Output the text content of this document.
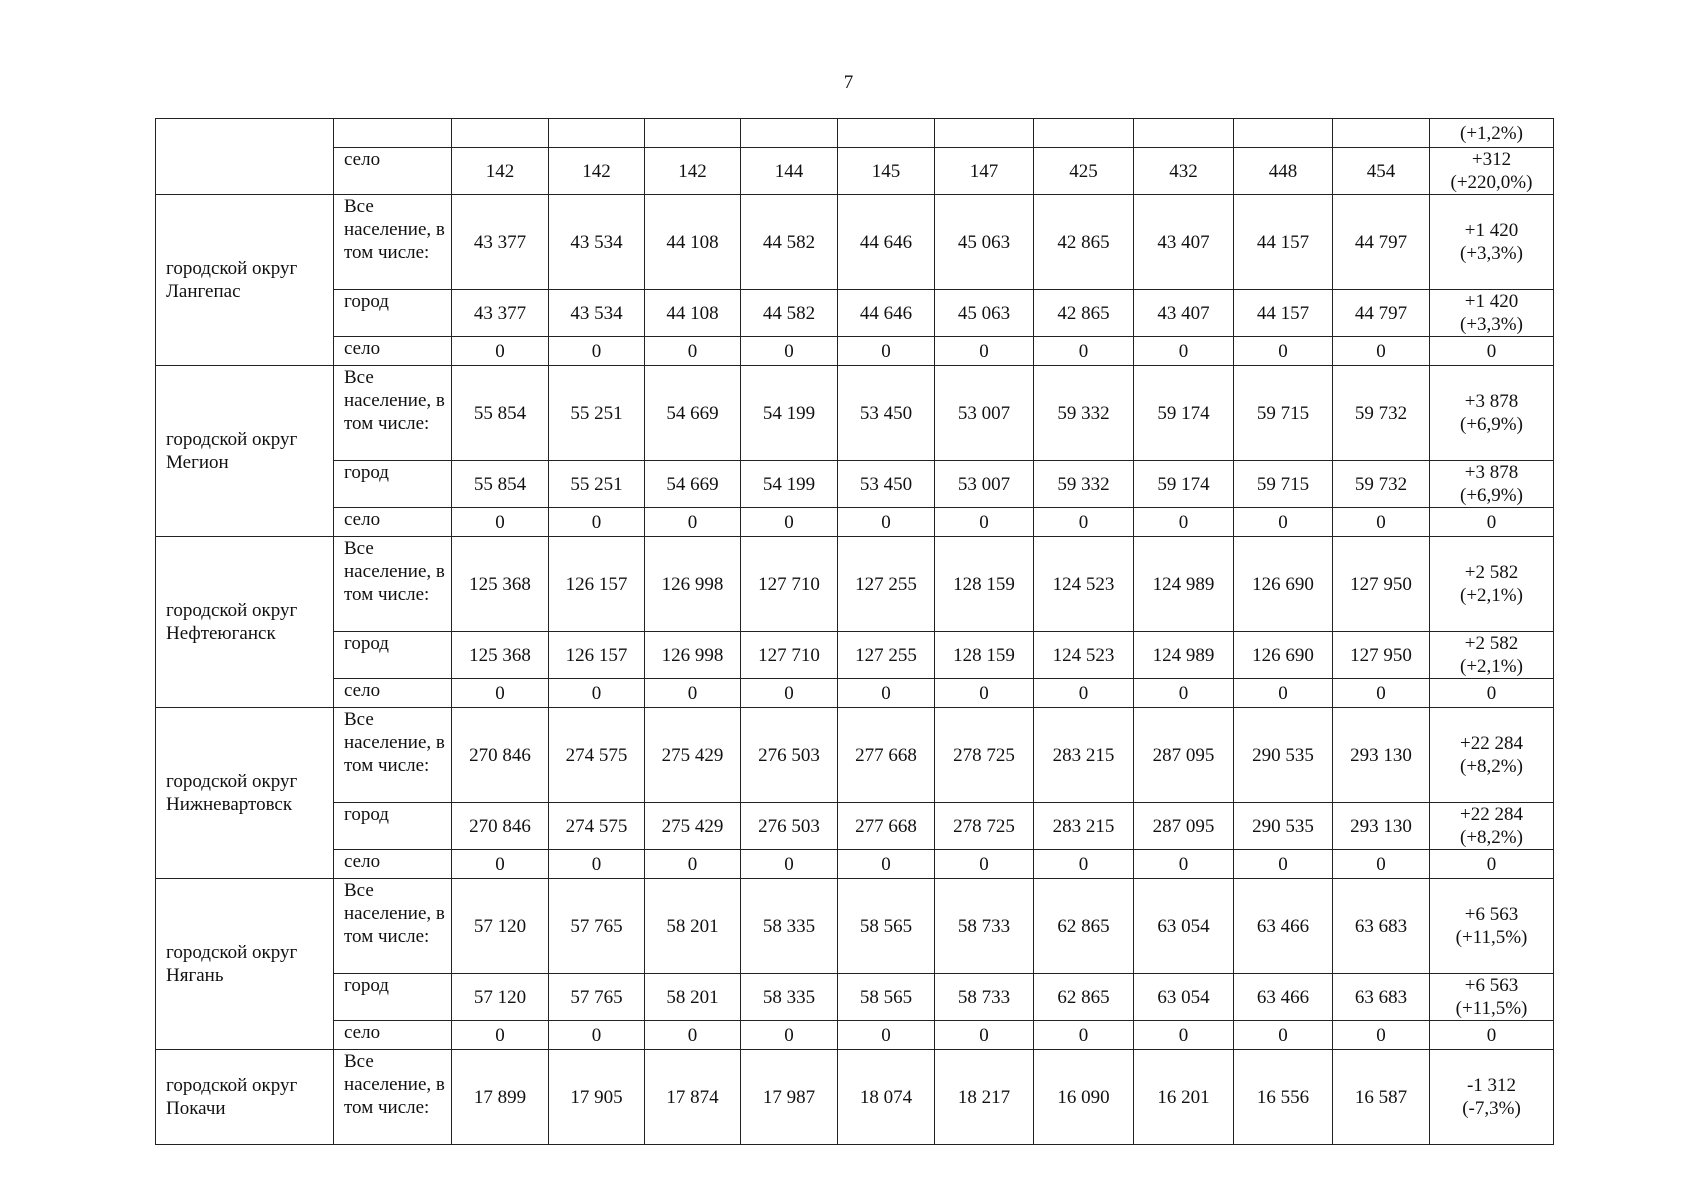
7
												(+1,2%)
	село	142	142	142	144	145	147	425	432	448	454	+312
(+220,0%)
городской округ Лангепас	Все население, в том числе:	43 377	43 534	44 108	44 582	44 646	45 063	42 865	43 407	44 157	44 797	+1 420
(+3,3%)
	город	43 377	43 534	44 108	44 582	44 646	45 063	42 865	43 407	44 157	44 797	+1 420
(+3,3%)
	село	0	0	0	0	0	0	0	0	0	0	0
городской округ Мегион	Все население, в том числе:	55 854	55 251	54 669	54 199	53 450	53 007	59 332	59 174	59 715	59 732	+3 878
(+6,9%)
	город	55 854	55 251	54 669	54 199	53 450	53 007	59 332	59 174	59 715	59 732	+3 878
(+6,9%)
	село	0	0	0	0	0	0	0	0	0	0	0
городской округ Нефтеюганск	Все население, в том числе:	125 368	126 157	126 998	127 710	127 255	128 159	124 523	124 989	126 690	127 950	+2 582
(+2,1%)
	город	125 368	126 157	126 998	127 710	127 255	128 159	124 523	124 989	126 690	127 950	+2 582
(+2,1%)
	село	0	0	0	0	0	0	0	0	0	0	0
городской округ Нижневартовск	Все население, в том числе:	270 846	274 575	275 429	276 503	277 668	278 725	283 215	287 095	290 535	293 130	+22 284
(+8,2%)
	город	270 846	274 575	275 429	276 503	277 668	278 725	283 215	287 095	290 535	293 130	+22 284
(+8,2%)
	село	0	0	0	0	0	0	0	0	0	0	0
городской округ Нягань	Все население, в том числе:	57 120	57 765	58 201	58 335	58 565	58 733	62 865	63 054	63 466	63 683	+6 563
(+11,5%)
	город	57 120	57 765	58 201	58 335	58 565	58 733	62 865	63 054	63 466	63 683	+6 563
(+11,5%)
	село	0	0	0	0	0	0	0	0	0	0	0
городской округ Покачи	Все население, в том числе:	17 899	17 905	17 874	17 987	18 074	18 217	16 090	16 201	16 556	16 587	-1 312
(-7,3%)
